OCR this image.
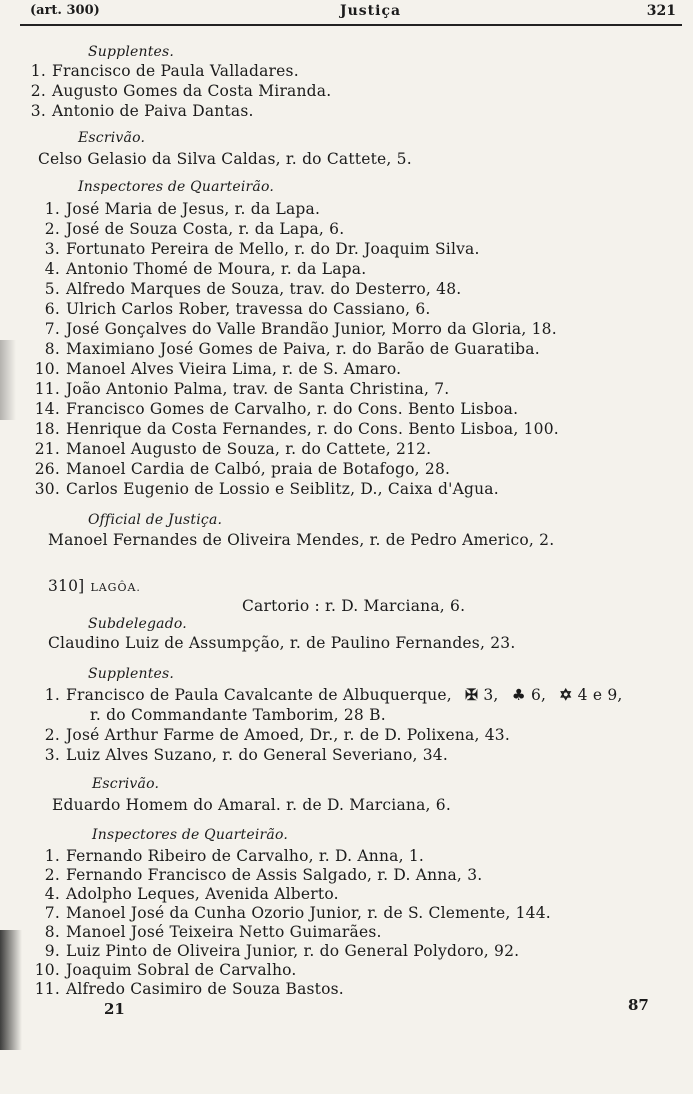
(art. 300)	Justiça	321
Supplentes.
1. Francisco de Paula Valladares.
2. Augusto Gomes da Costa Miranda.
3. Antonio de Paiva Dantas.
Escrivão.
Celso Gelasio da Silva Caldas, r. do Cattete, 5.
Inspectores de Quarteirão.
1. José Maria de Jesus, r. da Lapa.
2. José de Souza Costa, r. da Lapa, 6.
3. Fortunato Pereira de Mello, r. do Dr. Joaquim Silva.
4. Antonio Thomé de Moura, r. da Lapa.
5. Alfredo Marques de Souza, trav. do Desterro, 48.
6. Ulrich Carlos Rober, travessa do Cassiano, 6.
7. José Gonçalves do Valle Brandão Junior, Morro da Gloria, 18.
8. Maximiano José Gomes de Paiva, r. do Barão de Guaratiba.
10. Manoel Alves Vieira Lima, r. de S. Amaro.
11. João Antonio Palma, trav. de Santa Christina, 7.
14. Francisco Gomes de Carvalho, r. do Cons. Bento Lisboa.
18. Henrique da Costa Fernandes, r. do Cons. Bento Lisboa, 100.
21. Manoel Augusto de Souza, r. do Cattete, 212.
26. Manoel Cardia de Calbó, praia de Botafogo, 28.
30. Carlos Eugenio de Lossio e Seiblitz, D., Caixa d'Agua.
Official de Justiça.
Manoel Fernandes de Oliveira Mendes, r. de Pedro Americo, 2.
310] LAGÔA.
Cartorio : r. D. Marciana, 6.
Subdelegado.
Claudino Luiz de Assumpção, r. de Paulino Fernandes, 23.
Supplentes.
1. Francisco de Paula Cavalcante de Albuquerque, ✠ 3, ♣ 6, ✡ 4 e 9,
r. do Commandante Tamborim, 28 B.
2. José Arthur Farme de Amoed, Dr., r. de D. Polixena, 43.
3. Luiz Alves Suzano, r. do General Severiano, 34.
Escrivão.
Eduardo Homem do Amaral. r. de D. Marciana, 6.
Inspectores de Quarteirão.
1. Fernando Ribeiro de Carvalho, r. D. Anna, 1.
2. Fernando Francisco de Assis Salgado, r. D. Anna, 3.
4. Adolpho Leques, Avenida Alberto.
7. Manoel José da Cunha Ozorio Junior, r. de S. Clemente, 144.
8. Manoel José Teixeira Netto Guimarães.
9. Luiz Pinto de Oliveira Junior, r. do General Polydoro, 92.
10. Joaquim Sobral de Carvalho.
11. Alfredo Casimiro de Souza Bastos.
21	87
